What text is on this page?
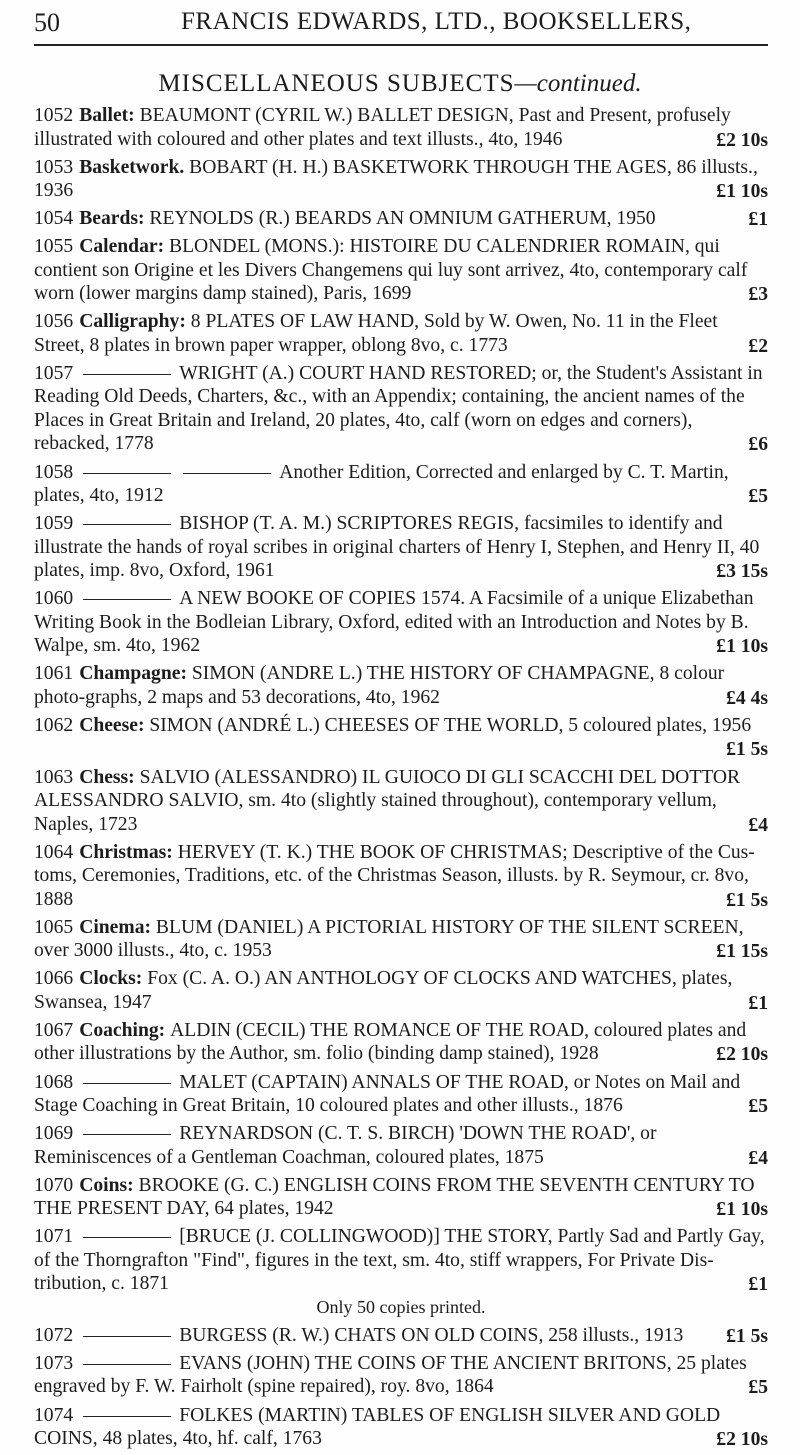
50	FRANCIS EDWARDS, LTD., BOOKSELLERS,
MISCELLANEOUS SUBJECTS—continued.

1052 Ballet: BEAUMONT (CYRIL W.) BALLET DESIGN, Past and Present, profusely illustrated with coloured and other plates and text illusts., 4to, 1946	£2 10s

1053 Basketwork. BOBART (H. H.) BASKETWORK THROUGH THE AGES, 86 illusts., 1936	£1 10s

1054 Beards: REYNOLDS (R.) BEARDS AN OMNIUM GATHERUM, 1950	£1

1055 Calendar: BLONDEL (MONS.): HISTOIRE DU CALENDRIER ROMAIN, qui contient son Origine et les Divers Changemens qui luy sont arrivez, 4to, contemporary calf worn (lower margins damp stained), Paris, 1699	£3

1056 Calligraphy: 8 PLATES OF LAW HAND, Sold by W. Owen, No. 11 in the Fleet Street, 8 plates in brown paper wrapper, oblong 8vo, c. 1773	£2

1057	WRIGHT (A.) COURT HAND RESTORED; or, the Student's Assistant in Reading Old Deeds, Charters, &c., with an Appendix; containing, the ancient names of the Places in Great Britain and Ireland, 20 plates, 4to, calf (worn on edges and corners), rebacked, 1778	£6

1058	Another Edition, Corrected and enlarged by C. T. Martin, plates, 4to, 1912	£5

1059	BISHOP (T. A. M.) SCRIPTORES REGIS, facsimiles to identify and illustrate the hands of royal scribes in original charters of Henry I, Stephen, and Henry II, 40 plates, imp. 8vo, Oxford, 1961	£3 15s

1060	A NEW BOOKE OF COPIES 1574. A Facsimile of a unique Elizabethan Writing Book in the Bodleian Library, Oxford, edited with an Introduction and Notes by B. Walpe, sm. 4to, 1962	£1 10s

1061 Champagne: SIMON (ANDRE L.) THE HISTORY OF CHAMPAGNE, 8 colour photo-graphs, 2 maps and 53 decorations, 4to, 1962	£4 4s

1062 Cheese: SIMON (ANDRÉ L.) CHEESES OF THE WORLD, 5 coloured plates, 1956
£1 5s

1063 Chess: SALVIO (ALESSANDRO) IL GUIOCO DI GLI SCACCHI DEL DOTTOR ALESSANDRO SALVIO, sm. 4to (slightly stained throughout), contemporary vellum, Naples, 1723	£4

1064 Christmas: HERVEY (T. K.) THE BOOK OF CHRISTMAS; Descriptive of the Cus-toms, Ceremonies, Traditions, etc. of the Christmas Season, illusts. by R. Seymour, cr. 8vo, 1888	£1 5s

1065 Cinema: BLUM (DANIEL) A PICTORIAL HISTORY OF THE SILENT SCREEN, over 3000 illusts., 4to, c. 1953	£1 15s

1066 Clocks: Fox (C. A. O.) AN ANTHOLOGY OF CLOCKS AND WATCHES, plates, Swansea, 1947	£1

1067 Coaching: ALDIN (CECIL) THE ROMANCE OF THE ROAD, coloured plates and other illustrations by the Author, sm. folio (binding damp stained), 1928	£2 10s

1068	MALET (CAPTAIN) ANNALS OF THE ROAD, or Notes on Mail and Stage Coaching in Great Britain, 10 coloured plates and other illusts., 1876	£5

1069	REYNARDSON (C. T. S. BIRCH) 'DOWN THE ROAD', or Reminiscences of a Gentleman Coachman, coloured plates, 1875	£4

1070 Coins: BROOKE (G. C.) ENGLISH COINS FROM THE SEVENTH CENTURY TO THE PRESENT DAY, 64 plates, 1942	£1 10s

1071	[BRUCE (J. COLLINGWOOD)] THE STORY, Partly Sad and Partly Gay, of the Thorngrafton "Find", figures in the text, sm. 4to, stiff wrappers, For Private Dis-tribution, c. 1871	£1

Only 50 copies printed.

1072	BURGESS (R. W.) CHATS ON OLD COINS, 258 illusts., 1913 £1 5s

1073	EVANS (JOHN) THE COINS OF THE ANCIENT BRITONS, 25 plates engraved by F. W. Fairholt (spine repaired), roy. 8vo, 1864	£5

1074	FOLKES (MARTIN) TABLES OF ENGLISH SILVER AND GOLD COINS, 48 plates, 4to, hf. calf, 1763	£2 10s
